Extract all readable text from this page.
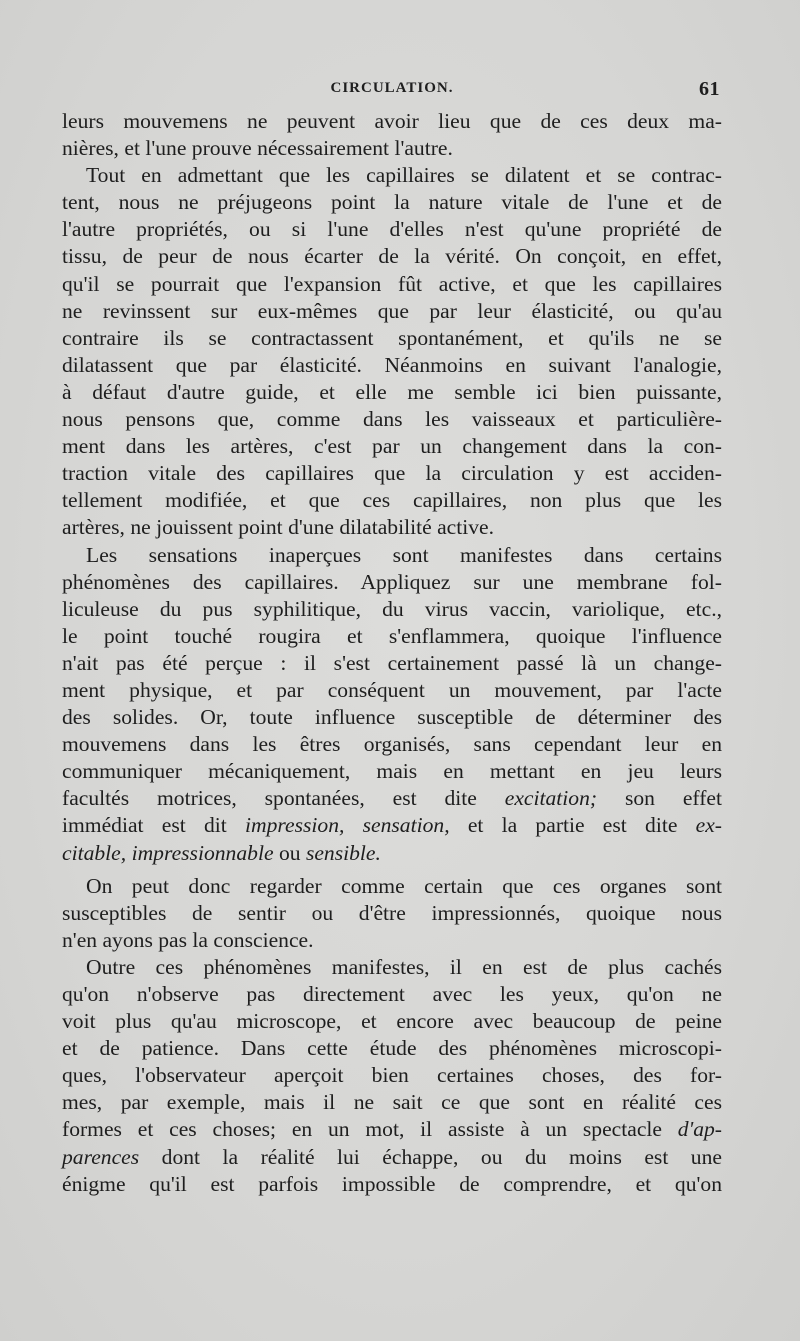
CIRCULATION.	61
leurs mouvemens ne peuvent avoir lieu que de ces deux ma-
nières, et l'une prouve nécessairement l'autre.
Tout en admettant que les capillaires se dilatent et se contrac-
tent, nous ne préjugeons point la nature vitale de l'une et de
l'autre propriétés, ou si l'une d'elles n'est qu'une propriété de
tissu, de peur de nous écarter de la vérité. On conçoit, en effet,
qu'il se pourrait que l'expansion fût active, et que les capillaires
ne revinssent sur eux-mêmes que par leur élasticité, ou qu'au
contraire ils se contractassent spontanément, et qu'ils ne se
dilatassent que par élasticité. Néanmoins en suivant l'analogie,
à défaut d'autre guide, et elle me semble ici bien puissante,
nous pensons que, comme dans les vaisseaux et particulière-
ment dans les artères, c'est par un changement dans la con-
traction vitale des capillaires que la circulation y est acciden-
tellement modifiée, et que ces capillaires, non plus que les
artères, ne jouissent point d'une dilatabilité active.
Les sensations inaperçues sont manifestes dans certains
phénomènes des capillaires. Appliquez sur une membrane fol-
liculeuse du pus syphilitique, du virus vaccin, variolique, etc.,
le point touché rougira et s'enflammera, quoique l'influence
n'ait pas été perçue : il s'est certainement passé là un change-
ment physique, et par conséquent un mouvement, par l'acte
des solides. Or, toute influence susceptible de déterminer des
mouvemens dans les êtres organisés, sans cependant leur en
communiquer mécaniquement, mais en mettant en jeu leurs
facultés motrices, spontanées, est dite excitation; son effet
immédiat est dit impression, sensation, et la partie est dite ex-
citable, impressionnable ou sensible.
On peut donc regarder comme certain que ces organes sont
susceptibles de sentir ou d'être impressionnés, quoique nous
n'en ayons pas la conscience.
Outre ces phénomènes manifestes, il en est de plus cachés
qu'on n'observe pas directement avec les yeux, qu'on ne
voit plus qu'au microscope, et encore avec beaucoup de peine
et de patience. Dans cette étude des phénomènes microscopi-
ques, l'observateur aperçoit bien certaines choses, des for-
mes, par exemple, mais il ne sait ce que sont en réalité ces
formes et ces choses; en un mot, il assiste à un spectacle d'ap-
parences dont la réalité lui échappe, ou du moins est une
énigme qu'il est parfois impossible de comprendre, et qu'on
